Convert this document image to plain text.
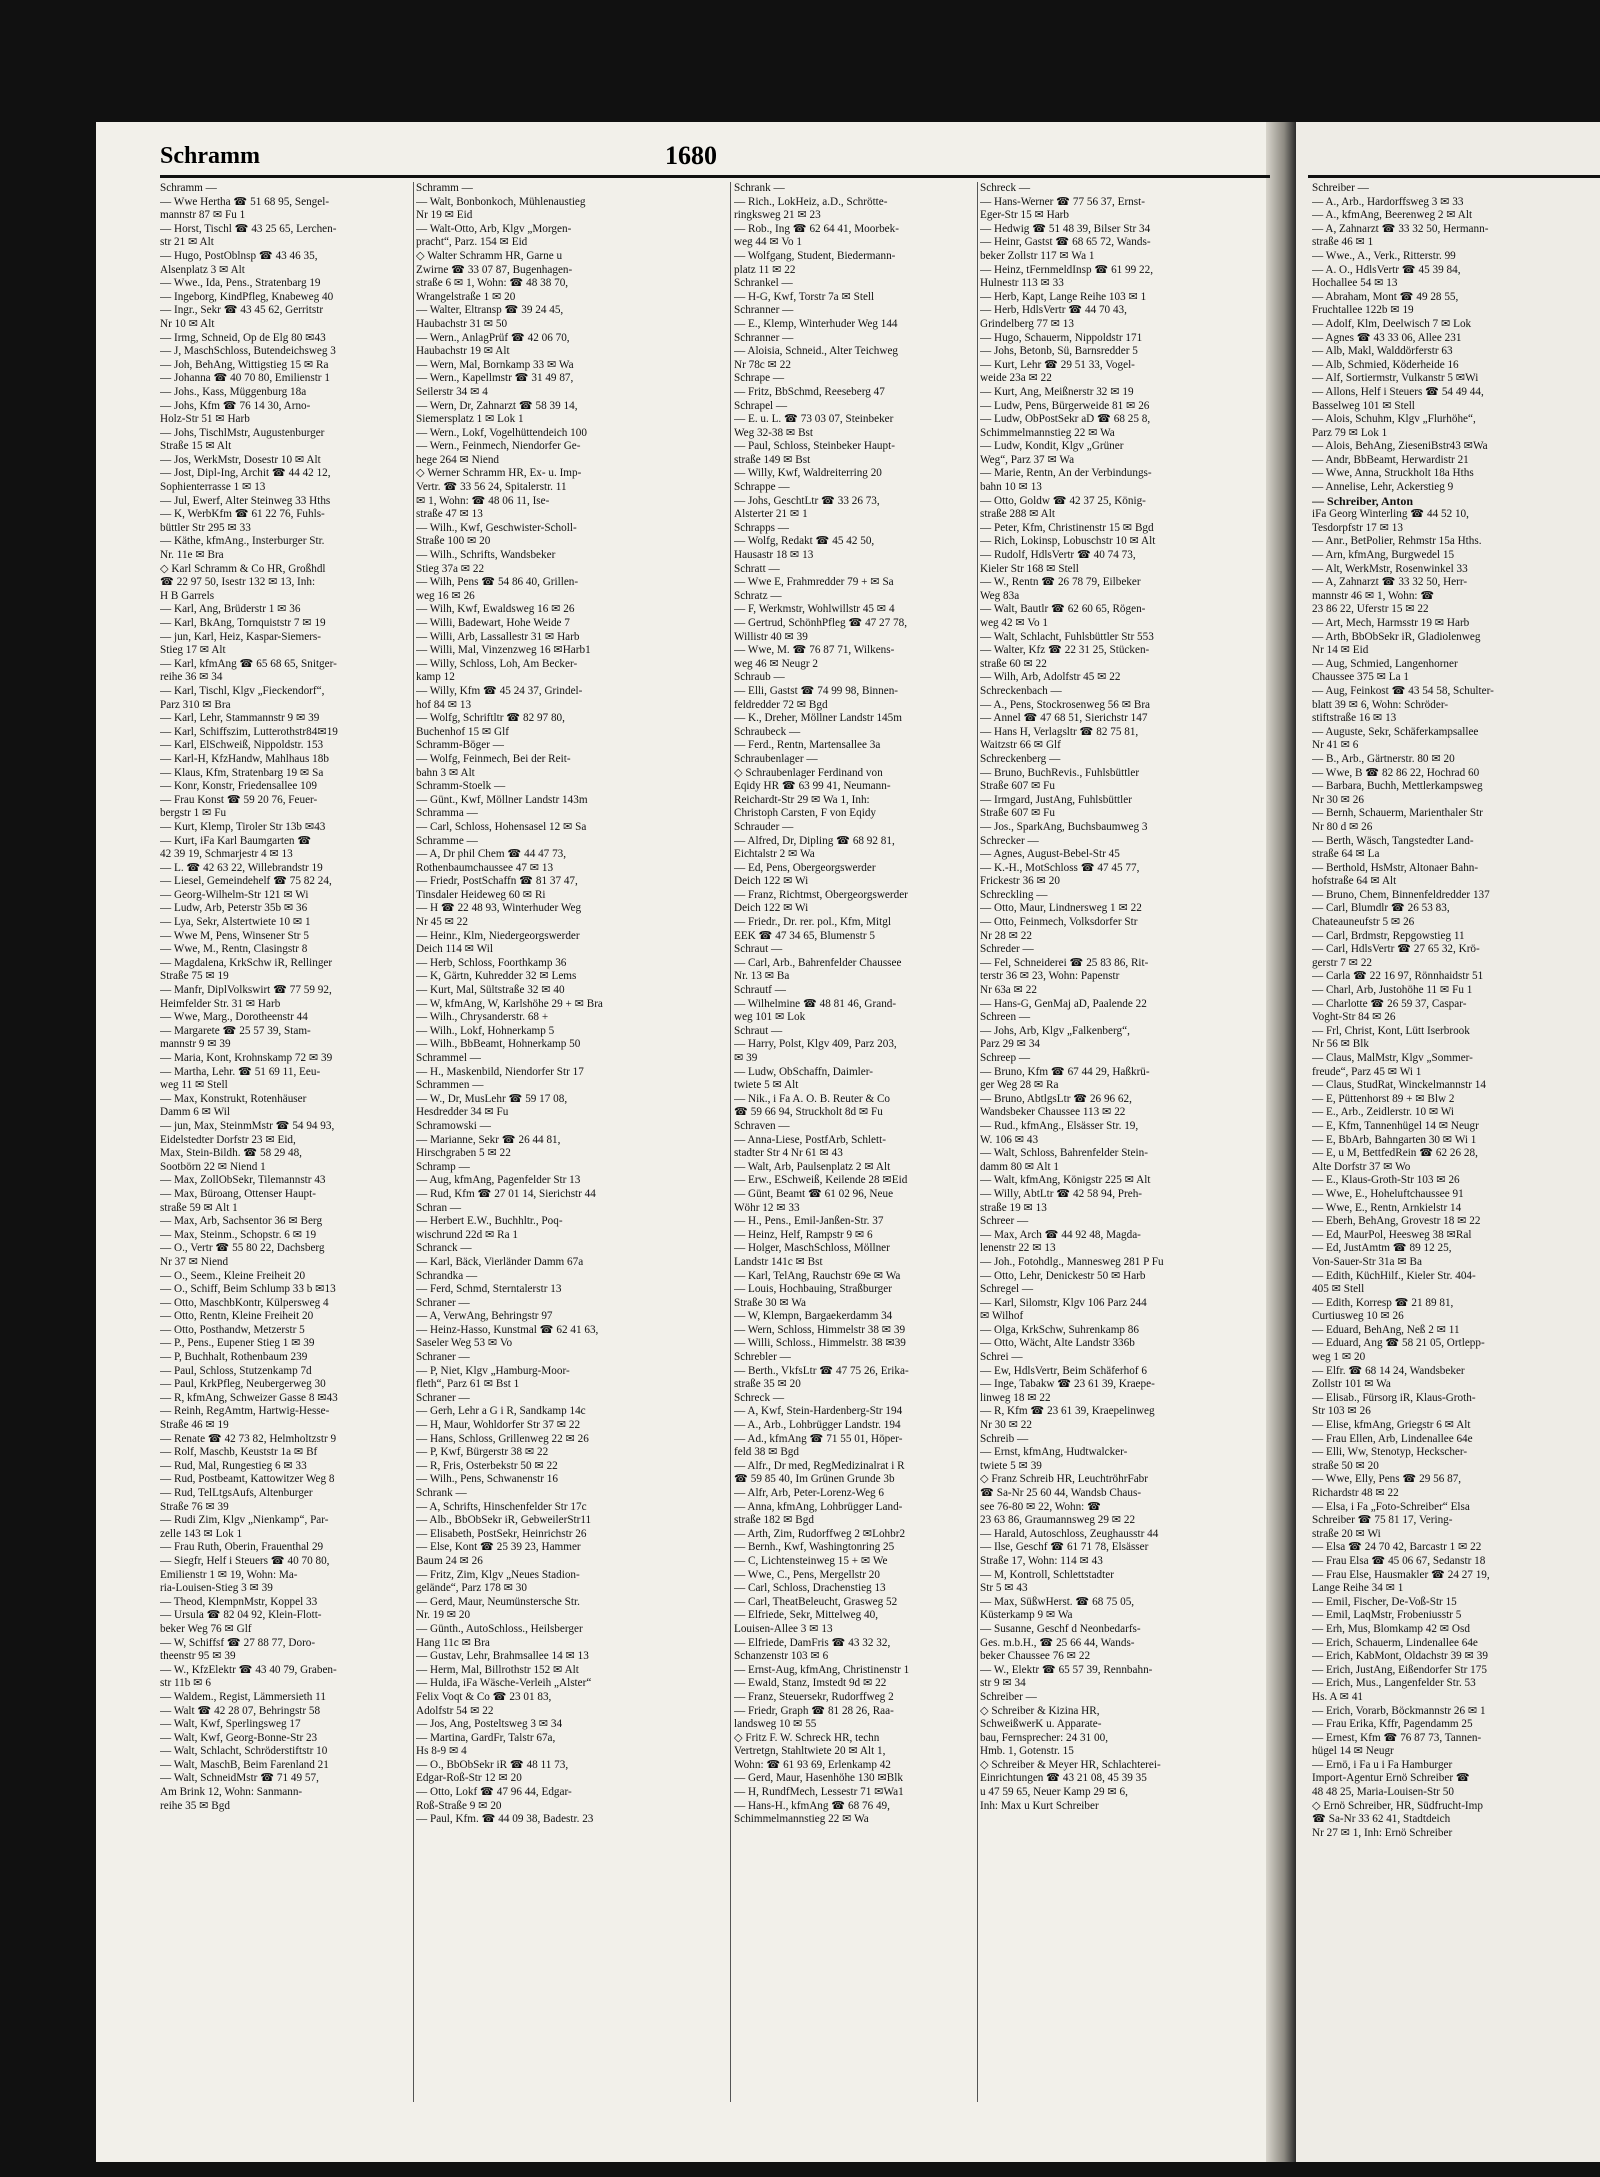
Schramm	1680
Schramm —
— Wwe Hertha ☎ 51 68 95, Sengel-
mannstr 87 ✉ Fu 1
— Horst, Tischl ☎ 43 25 65, Lerchen-
str 21 ✉ Alt
— Hugo, PostOblnsp ☎ 43 46 35,
Alsenplatz 3 ✉ Alt
— Wwe., Ida, Pens., Stratenbarg 19
— Ingeborg, KindPfleg, Knabeweg 40
— Ingr., Sekr ☎ 43 45 62, Gerritstr
Nr 10 ✉ Alt
— Irmg, Schneid, Op de Elg 80 ✉43
— J, MaschSchloss, Butendeichsweg 3
— Joh, BehAng, Wittigstieg 15 ✉ Ra
— Johanna ☎ 40 70 80, Emilienstr 1
— Johs., Kass, Müggenburg 18a
— Johs, Kfm ☎ 76 14 30, Arno-
Holz-Str 51 ✉ Harb
— Johs, TischlMstr, Augustenburger
Straße 15 ✉ Alt
— Jos, WerkMstr, Dosestr 10 ✉ Alt
— Jost, Dipl-Ing, Archit ☎ 44 42 12,
Sophienterrasse 1 ✉ 13
— Jul, Ewerf, Alter Steinweg 33 Hths
— K, WerbKfm ☎ 61 22 76, Fuhls-
büttler Str 295 ✉ 33
— Käthe, kfmAng., Insterburger Str.
Nr. 11e ✉ Bra
◇ Karl Schramm & Co HR, Großhdl
☎ 22 97 50, Isestr 132 ✉ 13, Inh:
H B Garrels
— Karl, Ang, Brüderstr 1 ✉ 36
— Karl, BkAng, Tornquiststr 7 ✉ 19
— jun, Karl, Heiz, Kaspar-Siemers-
Stieg 17 ✉ Alt
— Karl, kfmAng ☎ 65 68 65, Snitger-
reihe 36 ✉ 34
— Karl, Tischl, Klgv „Fieckendorf“,
Parz 310 ✉ Bra
— Karl, Lehr, Stammannstr 9 ✉ 39
— Karl, Schiffszim, Lutterothstr84✉19
— Karl, ElSchweiß, Nippoldstr. 153
— Karl-H, KfzHandw, Mahlhaus 18b
— Klaus, Kfm, Stratenbarg 19 ✉ Sa
— Konr, Konstr, Friedensallee 109
— Frau Konst ☎ 59 20 76, Feuer-
bergstr 1 ✉ Fu
— Kurt, Klemp, Tiroler Str 13b ✉43
— Kurt, iFa Karl Baumgarten ☎
42 39 19, Schmarjestr 4 ✉ 13
— L. ☎ 42 63 22, Willebrandstr 19
— Liesel, Gemeindehelf ☎ 75 82 24,
— Georg-Wilhelm-Str 121 ✉ Wi
— Ludw, Arb, Peterstr 35b ✉ 36
— Lya, Sekr, Alstertwiete 10 ✉ 1
— Wwe M, Pens, Winsener Str 5
— Wwe, M., Rentn, Clasingstr 8
— Magdalena, KrkSchw iR, Rellinger
Straße 75 ✉ 19
— Manfr, DiplVolkswirt ☎ 77 59 92,
Heimfelder Str. 31 ✉ Harb
— Wwe, Marg., Dorotheenstr 44
— Margarete ☎ 25 57 39, Stam-
mannstr 9 ✉ 39
— Maria, Kont, Krohnskamp 72 ✉ 39
— Martha, Lehr. ☎ 51 69 11, Eeu-
weg 11 ✉ Stell
— Max, Konstrukt, Rotenhäuser
Damm 6 ✉ Wil
— jun, Max, SteinmMstr ☎ 54 94 93,
Eidelstedter Dorfstr 23 ✉ Eid,
Max, Stein-Bildh. ☎ 58 29 48,
Sootbörn 22 ✉ Niend 1
— Max, ZollObSekr, Tilemannstr 43
— Max, Büroang, Ottenser Haupt-
straße 59 ✉ Alt 1
— Max, Arb, Sachsentor 36 ✉ Berg
— Max, Steinm., Schopstr. 6 ✉ 19
— O., Vertr ☎ 55 80 22, Dachsberg
Nr 37 ✉ Niend
— O., Seem., Kleine Freiheit 20
— O., Schiff, Beim Schlump 33 b ✉13
— Otto, MaschbKontr, Külpersweg 4
— Otto, Rentn, Kleine Freiheit 20
— Otto, Posthandw, Metzerstr 5
— P., Pens., Eupener Stieg 1 ✉ 39
— P, Buchhalt, Rothenbaum 239
— Paul, Schloss, Stutzenkamp 7d
— Paul, KrkPfleg, Neubergerweg 30
— R, kfmAng, Schweizer Gasse 8 ✉43
— Reinh, RegAmtm, Hartwig-Hesse-
Straße 46 ✉ 19
— Renate ☎ 42 73 82, Helmholtzstr 9
— Rolf, Maschb, Keuststr 1a ✉ Bf
— Rud, Mal, Rungestieg 6 ✉ 33
— Rud, Postbeamt, Kattowitzer Weg 8
— Rud, TelLtgsAufs, Altenburger
Straße 76 ✉ 39
— Rudi Zim, Klgv „Nienkamp“, Par-
zelle 143 ✉ Lok 1
— Frau Ruth, Oberin, Frauenthal 29
— Siegfr, Helf i Steuers ☎ 40 70 80,
Emilienstr 1 ✉ 19, Wohn: Ma-
ria-Louisen-Stieg 3 ✉ 39
— Theod, KlempnMstr, Koppel 33
— Ursula ☎ 82 04 92, Klein-Flott-
beker Weg 76 ✉ Glf
— W, Schiffsf ☎ 27 88 77, Doro-
theenstr 95 ✉ 39
— W., KfzElektr ☎ 43 40 79, Graben-
str 11b ✉ 6
— Waldem., Regist, Lämmersieth 11
— Walt ☎ 42 28 07, Behringstr 58
— Walt, Kwf, Sperlingsweg 17
— Walt, Kwf, Georg-Bonne-Str 23
— Walt, Schlacht, Schröderstiftstr 10
— Walt, MaschB, Beim Farenland 21
— Walt, SchneidMstr ☎ 71 49 57,
Am Brink 12, Wohn: Sanmann-
reihe 35 ✉ Bgd
Schramm —
— Walt, Bonbonkoch, Mühlenaustieg
Nr 19 ✉ Eid
— Walt-Otto, Arb, Klgv „Morgen-
pracht“, Parz. 154 ✉ Eid
◇ Walter Schramm HR, Garne u
Zwirne ☎ 33 07 87, Bugenhagen-
straße 6 ✉ 1, Wohn: ☎ 48 38 70,
Wrangelstraße 1 ✉ 20
— Walter, Eltransp ☎ 39 24 45,
Haubachstr 31 ✉ 50
— Wern., AnlagPrüf ☎ 42 06 70,
Haubachstr 19 ✉ Alt
— Wern, Mal, Bornkamp 33 ✉ Wa
— Wern., Kapellmstr ☎ 31 49 87,
Seilerstr 34 ✉ 4
— Wern, Dr, Zahnarzt ☎ 58 39 14,
Siemersplatz 1 ✉ Lok 1
— Wern., Lokf, Vogelhüttendeich 100
— Wern., Feinmech, Niendorfer Ge-
hege 264 ✉ Niend
◇ Werner Schramm HR, Ex- u. Imp-
Vertr. ☎ 33 56 24, Spitalerstr. 11
✉ 1, Wohn: ☎ 48 06 11, Ise-
straße 47 ✉ 13
— Wilh., Kwf, Geschwister-Scholl-
Straße 100 ✉ 20
— Wilh., Schrifts, Wandsbeker
Stieg 37a ✉ 22
— Wilh, Pens ☎ 54 86 40, Grillen-
weg 16 ✉ 26
— Wilh, Kwf, Ewaldsweg 16 ✉ 26
— Willi, Badewart, Hohe Weide 7
— Willi, Arb, Lassallestr 31 ✉ Harb
— Willi, Mal, Vinzenzweg 16 ✉Harb1
— Willy, Schloss, Loh, Am Becker-
kamp 12
— Willy, Kfm ☎ 45 24 37, Grindel-
hof 84 ✉ 13
— Wolfg, Schriftltr ☎ 82 97 80,
Buchenhof 15 ✉ Glf
Schramm-Böger —
— Wolfg, Feinmech, Bei der Reit-
bahn 3 ✉ Alt
Schramm-Stoelk —
— Günt., Kwf, Möllner Landstr 143m
Schramma —
— Carl, Schloss, Hohensasel 12 ✉ Sa
Schramme —
— A, Dr phil Chem ☎ 44 47 73,
Rothenbaumchaussee 47 ✉ 13
— Friedr, PostSchaffn ☎ 81 37 47,
Tinsdaler Heideweg 60 ✉ Ri
— H ☎ 22 48 93, Winterhuder Weg
Nr 45 ✉ 22
— Heinr., Klm, Niedergeorgswerder
Deich 114 ✉ Wil
— Herb, Schloss, Foorthkamp 36
— K, Gärtn, Kuhredder 32 ✉ Lems
— Kurt, Mal, Sültstraße 32 ✉ 40
— W, kfmAng, W, Karlshöhe 29 + ✉ Bra
— Wilh., Chrysanderstr. 68 +
— Wilh., Lokf, Hohnerkamp 5
— Wilh., BbBeamt, Hohnerkamp 50
Schrammel —
— H., Maskenbild, Niendorfer Str 17
Schrammen —
— W., Dr, MusLehr ☎ 59 17 08,
Hesdredder 34 ✉ Fu
Schramowski —
— Marianne, Sekr ☎ 26 44 81,
Hirschgraben 5 ✉ 22
Schramp —
— Aug, kfmAng, Pagenfelder Str 13
— Rud, Kfm ☎ 27 01 14, Sierichstr 44
Schran —
— Herbert E.W., Buchhltr., Poq-
wischrund 22d ✉ Ra 1
Schranck —
— Karl, Bäck, Vierländer Damm 67a
Schrandka —
— Ferd, Schmd, Sterntalerstr 13
Schraner —
— A, VerwAng, Behringstr 97
— Heinz-Hasso, Kunstmal ☎ 62 41 63,
Saseler Weg 53 ✉ Vo
Schraner —
— P, Niet, Klgv „Hamburg-Moor-
fleth“, Parz 61 ✉ Bst 1
Schraner —
— Gerh, Lehr a G i R, Sandkamp 14c
— H, Maur, Wohldorfer Str 37 ✉ 22
— Hans, Schloss, Grillenweg 22 ✉ 26
— P, Kwf, Bürgerstr 38 ✉ 22
— R, Fris, Osterbekstr 50 ✉ 22
— Wilh., Pens, Schwanenstr 16
Schrank —
— A, Schrifts, Hinschenfelder Str 17c
— Alb., BbObSekr iR, GebweilerStr11
— Elisabeth, PostSekr, Heinrichstr 26
— Else, Kont ☎ 25 39 23, Hammer
Baum 24 ✉ 26
— Fritz, Zim, Klgv „Neues Stadion-
gelände“, Parz 178 ✉ 30
— Gerd, Maur, Neumünstersche Str.
Nr. 19 ✉ 20
— Günth., AutoSchloss., Heilsberger
Hang 11c ✉ Bra
— Gustav, Lehr, Brahmsallee 14 ✉ 13
— Herm, Mal, Billrothstr 152 ✉ Alt
— Hulda, iFa Wäsche-Verleih „Alster“
Felix Voqt & Co ☎ 23 01 83,
Adolfstr 54 ✉ 22
— Jos, Ang, Posteltsweg 3 ✉ 34
— Martina, GardFr, Talstr 67a,
Hs 8-9 ✉ 4
— O., BbObSekr iR ☎ 48 11 73,
Edgar-Roß-Str 12 ✉ 20
— Otto, Lokf ☎ 47 96 44, Edgar-
Roß-Straße 9 ✉ 20
— Paul, Kfm. ☎ 44 09 38, Badestr. 23
Schrank —
— Rich., LokHeiz, a.D., Schrötte-
ringksweg 21 ✉ 23
— Rob., Ing ☎ 62 64 41, Moorbek-
weg 44 ✉ Vo 1
— Wolfgang, Student, Biedermann-
platz 11 ✉ 22
Schrankel —
— H-G, Kwf, Torstr 7a ✉ Stell
Schranner —
— E., Klemp, Winterhuder Weg 144
Schranner —
— Aloisia, Schneid., Alter Teichweg
Nr 78c ✉ 22
Schrape —
— Fritz, BbSchmd, Reeseberg 47
Schrapel —
— E. u. L. ☎ 73 03 07, Steinbeker
Weg 32-38 ✉ Bst
— Paul, Schloss, Steinbeker Haupt-
straße 149 ✉ Bst
— Willy, Kwf, Waldreiterring 20
Schrappe —
— Johs, GeschtLtr ☎ 33 26 73,
Alsterter 21 ✉ 1
Schrapps —
— Wolfg, Redakt ☎ 45 42 50,
Hausastr 18 ✉ 13
Schratt —
— Wwe E, Frahmredder 79 + ✉ Sa
Schratz —
— F, Werkmstr, Wohlwillstr 45 ✉ 4
— Gertrud, SchönhPfleg ☎ 47 27 78,
Willistr 40 ✉ 39
— Wwe, M. ☎ 76 87 71, Wilkens-
weg 46 ✉ Neugr 2
Schraub —
— Elli, Gastst ☎ 74 99 98, Binnen-
feldredder 72 ✉ Bgd
— K., Dreher, Möllner Landstr 145m
Schraubeck —
— Ferd., Rentn, Martensallee 3a
Schraubenlager —
◇ Schraubenlager Ferdinand von
Eqidy HR ☎ 63 99 41, Neumann-
Reichardt-Str 29 ✉ Wa 1, Inh:
Christoph Carsten, F von Eqidy
Schrauder —
— Alfred, Dr, Dipling ☎ 68 92 81,
Eichtalstr 2 ✉ Wa
— Ed, Pens, Obergeorgswerder
Deich 122 ✉ Wi
— Franz, Richtmst, Obergeorgswerder
Deich 122 ✉ Wi
— Friedr., Dr. rer. pol., Kfm, Mitgl
EEK ☎ 47 34 65, Blumenstr 5
Schraut —
— Carl, Arb., Bahrenfelder Chaussee
Nr. 13 ✉ Ba
Schrautf —
— Wilhelmine ☎ 48 81 46, Grand-
weg 101 ✉ Lok
Schraut —
— Harry, Polst, Klgv 409, Parz 203,
✉ 39
— Ludw, ObSchaffn, Daimler-
twiete 5 ✉ Alt
— Nik., i Fa A. O. B. Reuter & Co
☎ 59 66 94, Struckholt 8d ✉ Fu
Schraven —
— Anna-Liese, PostfArb, Schlett-
stadter Str 4 Nr 61 ✉ 43
— Walt, Arb, Paulsenplatz 2 ✉ Alt
— Erw., ESchweiß, Keilende 28 ✉Eid
— Günt, Beamt ☎ 61 02 96, Neue
Wöhr 12 ✉ 33
— H., Pens., Emil-Janßen-Str. 37
— Heinz, Helf, Rampstr 9 ✉ 6
— Holger, MaschSchloss, Möllner
Landstr 141c ✉ Bst
— Karl, TelAng, Rauchstr 69e ✉ Wa
— Louis, Hochbauing, Straßburger
Straße 30 ✉ Wa
— W, Klempn, Bargaekerdamm 34
— Wern, Schloss, Himmelstr 38 ✉ 39
— Willi, Schloss., Himmelstr. 38 ✉39
Schrebler —
— Berth., VkfsLtr ☎ 47 75 26, Erika-
straße 35 ✉ 20
Schreck —
— A, Kwf, Stein-Hardenberg-Str 194
— A., Arb., Lohbrügger Landstr. 194
— Ad., kfmAng ☎ 71 55 01, Höper-
feld 38 ✉ Bgd
— Alfr., Dr med, RegMedizinalrat i R
☎ 59 85 40, Im Grünen Grunde 3b
— Alfr, Arb, Peter-Lorenz-Weg 6
— Anna, kfmAng, Lohbrügger Land-
straße 182 ✉ Bgd
— Arth, Zim, Rudorffweg 2 ✉Lohbr2
— Bernh., Kwf, Washingtonring 25
— C, Lichtensteinweg 15 + ✉ We
— Wwe, C., Pens, Mergellstr 20
— Carl, Schloss, Drachenstieg 13
— Carl, TheatBeleucht, Grasweg 52
— Elfriede, Sekr, Mittelweg 40,
Louisen-Allee 3 ✉ 13
— Elfriede, DamFris ☎ 43 32 32,
Schanzenstr 103 ✉ 6
— Ernst-Aug, kfmAng, Christinenstr 1
— Ewald, Stanz, Imstedt 9d ✉ 22
— Franz, Steuersekr, Rudorffweg 2
— Friedr, Graph ☎ 81 28 26, Raa-
landsweg 10 ✉ 55
◇ Fritz F. W. Schreck HR, techn
Vertretgn, Stahltwiete 20 ✉ Alt 1,
Wohn: ☎ 61 93 69, Erlenkamp 42
— Gerd, Maur, Hasenhöhe 130 ✉Blk
— H, RundfMech, Lessestr 71 ✉Wa1
— Hans-H., kfmAng ☎ 68 76 49,
Schimmelmannstieg 22 ✉ Wa
Schreck —
— Hans-Werner ☎ 77 56 37, Ernst-
Eger-Str 15 ✉ Harb
— Hedwig ☎ 51 48 39, Bilser Str 34
— Heinr, Gastst ☎ 68 65 72, Wands-
beker Zollstr 117 ✉ Wa 1
— Heinz, tFernmeldInsp ☎ 61 99 22,
Hulnestr 113 ✉ 33
— Herb, Kapt, Lange Reihe 103 ✉ 1
— Herb, HdlsVertr ☎ 44 70 43,
Grindelberg 77 ✉ 13
— Hugo, Schauerm, Nippoldstr 171
— Johs, Betonb, Sü, Barnsredder 5
— Kurt, Lehr ☎ 29 51 33, Vogel-
weide 23a ✉ 22
— Kurt, Ang, Meißnerstr 32 ✉ 19
— Ludw, Pens, Bürgerweide 81 ✉ 26
— Ludw, ObPostSekr aD ☎ 68 25 8,
Schimmelmannstieg 22 ✉ Wa
— Ludw, Kondit, Klgv „Grüner
Weg“, Parz 37 ✉ Wa
— Marie, Rentn, An der Verbindungs-
bahn 10 ✉ 13
— Otto, Goldw ☎ 42 37 25, König-
straße 288 ✉ Alt
— Peter, Kfm, Christinenstr 15 ✉ Bgd
— Rich, Lokinsp, Lobuschstr 10 ✉ Alt
— Rudolf, HdlsVertr ☎ 40 74 73,
Kieler Str 168 ✉ Stell
— W., Rentn ☎ 26 78 79, Eilbeker
Weg 83a
— Walt, Bautlr ☎ 62 60 65, Rögen-
weg 42 ✉ Vo 1
— Walt, Schlacht, Fuhlsbüttler Str 553
— Walter, Kfz ☎ 22 31 25, Stücken-
straße 60 ✉ 22
— Wilh, Arb, Adolfstr 45 ✉ 22
Schreckenbach —
— A., Pens, Stockrosenweg 56 ✉ Bra
— Annel ☎ 47 68 51, Sierichstr 147
— Hans H, Verlagsltr ☎ 82 75 81,
Waitzstr 66 ✉ Glf
Schreckenberg —
— Bruno, BuchRevis., Fuhlsbüttler
Straße 607 ✉ Fu
— Irmgard, JustAng, Fuhlsbüttler
Straße 607 ✉ Fu
— Jos., SparkAng, Buchsbaumweg 3
Schrecker —
— Agnes, August-Bebel-Str 45
— K.-H., MotSchloss ☎ 47 45 77,
Frickestr 36 ✉ 20
Schreckling —
— Otto, Maur, Lindnersweg 1 ✉ 22
— Otto, Feinmech, Volksdorfer Str
Nr 28 ✉ 22
Schreder —
— Fel, Schneiderei ☎ 25 83 86, Rit-
terstr 36 ✉ 23, Wohn: Papenstr
Nr 63a ✉ 22
— Hans-G, GenMaj aD, Paalende 22
Schreen —
— Johs, Arb, Klgv „Falkenberg“,
Parz 29 ✉ 34
Schreep —
— Bruno, Kfm ☎ 67 44 29, Haßkrü-
ger Weg 28 ✉ Ra
— Bruno, AbtlgsLtr ☎ 26 96 62,
Wandsbeker Chaussee 113 ✉ 22
— Rud., kfmAng., Elsässer Str. 19,
W. 106 ✉ 43
— Walt, Schloss, Bahrenfelder Stein-
damm 80 ✉ Alt 1
— Walt, kfmAng, Königstr 225 ✉ Alt
— Willy, AbtLtr ☎ 42 58 94, Preh-
straße 19 ✉ 13
Schreer —
— Max, Arch ☎ 44 92 48, Magda-
lenenstr 22 ✉ 13
— Joh., Fotohdlg., Mannesweg 281 P Fu
— Otto, Lehr, Denickestr 50 ✉ Harb
Schregel —
— Karl, Silomstr, Klgv 106 Parz 244
✉ Wilhof
— Olga, KrkSchw, Suhrenkamp 86
— Otto, Wächt, Alte Landstr 336b
Schrei —
— Ew, HdlsVertr, Beim Schäferhof 6
— Inge, Tabakw ☎ 23 61 39, Kraepe-
linweg 18 ✉ 22
— R, Kfm ☎ 23 61 39, Kraepelinweg
Nr 30 ✉ 22
Schreib —
— Ernst, kfmAng, Hudtwalcker-
twiete 5 ✉ 39
◇ Franz Schreib HR, LeuchtröhrFabr
☎ Sa-Nr 25 60 44, Wandsb Chaus-
see 76-80 ✉ 22, Wohn: ☎
23 63 86, Graumannsweg 29 ✉ 22
— Harald, Autoschloss, Zeughausstr 44
— Ilse, Geschf ☎ 61 71 78, Elsässer
Straße 17, Wohn: 114 ✉ 43
— M, Kontroll, Schlettstadter
Str 5 ✉ 43
— Max, SüßwHerst. ☎ 68 75 05,
Küsterkamp 9 ✉ Wa
— Susanne, Geschf d Neonbedarfs-
Ges. m.b.H., ☎ 25 66 44, Wands-
beker Chaussee 76 ✉ 22
— W., Elektr ☎ 65 57 39, Rennbahn-
str 9 ✉ 34
Schreiber —
◇ Schreiber & Kizina HR,
SchweißwerK u. Apparate-
bau, Fernsprecher: 24 31 00,
Hmb. 1, Gotenstr. 15
◇ Schreiber & Meyer HR, Schlachterei-
Einrichtungen ☎ 43 21 08, 45 39 35
u 47 59 65, Neuer Kamp 29 ✉ 6,
Inh: Max u Kurt Schreiber
Schreiber —
— A., Arb., Hardorffsweg 3 ✉ 33
— A., kfmAng, Beerenweg 2 ✉ Alt
— A, Zahnarzt ☎ 33 32 50, Hermann-
straße 46 ✉ 1
— Wwe., A., Verk., Ritterstr. 99
— A. O., HdlsVertr ☎ 45 39 84,
Hochallee 54 ✉ 13
— Abraham, Mont ☎ 49 28 55,
Fruchtallee 122b ✉ 19
— Adolf, Klm, Deelwisch 7 ✉ Lok
— Agnes ☎ 43 33 06, Allee 231
— Alb, Makl, Walddörferstr 63
— Alb, Schmied, Köderheide 16
— Alf, Sortiermstr, Vulkanstr 5 ✉Wi
— Allons, Helf i Steuers ☎ 54 49 44,
Basselweg 101 ✉ Stell
— Alois, Schuhm, Klgv „Flurhöhe“,
Parz 79 ✉ Lok 1
— Alois, BehAng, ZieseniBstr43 ✉Wa
— Andr, BbBeamt, Herwardistr 21
— Wwe, Anna, Struckholt 18a Hths
— Annelise, Lehr, Ackerstieg 9
— Schreiber, Anton
iFa Georg Winterling ☎ 44 52 10,
Tesdorpfstr 17 ✉ 13
— Anr., BetPolier, Rehmstr 15a Hths.
— Arn, kfmAng, Burgwedel 15
— Alt, WerkMstr, Rosenwinkel 33
— A, Zahnarzt ☎ 33 32 50, Herr-
mannstr 46 ✉ 1, Wohn: ☎
23 86 22, Uferstr 15 ✉ 22
— Art, Mech, Harmsstr 19 ✉ Harb
— Arth, BbObSekr iR, Gladiolenweg
Nr 14 ✉ Eid
— Aug, Schmied, Langenhorner
Chaussee 375 ✉ La 1
— Aug, Feinkost ☎ 43 54 58, Schulter-
blatt 39 ✉ 6, Wohn: Schröder-
stiftstraße 16 ✉ 13
— Auguste, Sekr, Schäferkampsallee
Nr 41 ✉ 6
— B., Arb., Gärtnerstr. 80 ✉ 20
— Wwe, B ☎ 82 86 22, Hochrad 60
— Barbara, Buchh, Mettlerkampsweg
Nr 30 ✉ 26
— Bernh, Schauerm, Marienthaler Str
Nr 80 d ✉ 26
— Berth, Wäsch, Tangstedter Land-
straße 64 ✉ La
— Berthold, HsMstr, Altonaer Bahn-
hofstraße 64 ✉ Alt
— Bruno, Chem, Binnenfeldredder 137
— Carl, Blumdlr ☎ 26 53 83,
Chateauneufstr 5 ✉ 26
— Carl, Brdmstr, Repgowstieg 11
— Carl, HdlsVertr ☎ 27 65 32, Krö-
gerstr 7 ✉ 22
— Carla ☎ 22 16 97, Rönnhaidstr 51
— Charl, Arb, Justohöhe 11 ✉ Fu 1
— Charlotte ☎ 26 59 37, Caspar-
Voght-Str 84 ✉ 26
— Frl, Christ, Kont, Lütt Iserbrook
Nr 56 ✉ Blk
— Claus, MalMstr, Klgv „Sommer-
freude“, Parz 45 ✉ Wi 1
— Claus, StudRat, Winckelmannstr 14
— E, Püttenhorst 89 + ✉ Blw 2
— E., Arb., Zeidlerstr. 10 ✉ Wi
— E, Kfm, Tannenhügel 14 ✉ Neugr
— E, BbArb, Bahngarten 30 ✉ Wi 1
— E, u M, BettfedRein ☎ 62 26 28,
Alte Dorfstr 37 ✉ Wo
— E., Klaus-Groth-Str 103 ✉ 26
— Wwe, E., Hoheluftchaussee 91
— Wwe, E., Rentn, Arnkielstr 14
— Eberh, BehAng, Grovestr 18 ✉ 22
— Ed, MaurPol, Heesweg 38 ✉Ral
— Ed, JustAmtm ☎ 89 12 25,
Von-Sauer-Str 31a ✉ Ba
— Edith, KüchHilf., Kieler Str. 404-
405 ✉ Stell
— Edith, Korresp ☎ 21 89 81,
Curtiusweg 10 ✉ 26
— Eduard, BehAng, Neß 2 ✉ 11
— Eduard, Ang ☎ 58 21 05, Ortlepp-
weg 1 ✉ 20
— Elfr. ☎ 68 14 24, Wandsbeker
Zollstr 101 ✉ Wa
— Elisab., Fürsorg iR, Klaus-Groth-
Str 103 ✉ 26
— Elise, kfmAng, Griegstr 6 ✉ Alt
— Frau Ellen, Arb, Lindenallee 64e
— Elli, Ww, Stenotyp, Heckscher-
straße 50 ✉ 20
— Wwe, Elly, Pens ☎ 29 56 87,
Richardstr 48 ✉ 22
— Elsa, i Fa „Foto-Schreiber“ Elsa
Schreiber ☎ 75 81 17, Vering-
straße 20 ✉ Wi
— Elsa ☎ 24 70 42, Barcastr 1 ✉ 22
— Frau Elsa ☎ 45 06 67, Sedanstr 18
— Frau Else, Hausmakler ☎ 24 27 19,
Lange Reihe 34 ✉ 1
— Emil, Fischer, De-Voß-Str 15
— Emil, LaqMstr, Frobeniusstr 5
— Erh, Mus, Blomkamp 42 ✉ Osd
— Erich, Schauerm, Lindenallee 64e
— Erich, KabMont, Oldachstr 39 ✉ 39
— Erich, JustAng, Eißendorfer Str 175
— Erich, Mus., Langenfelder Str. 53
Hs. A ✉ 41
— Erich, Vorarb, Böckmannstr 26 ✉ 1
— Frau Erika, Kffr, Pagendamm 25
— Ernest, Kfm ☎ 76 87 73, Tannen-
hügel 14 ✉ Neugr
— Ernö, i Fa u i Fa Hamburger
Import-Agentur Ernö Schreiber ☎
48 48 25, Maria-Louisen-Str 50
◇ Ernö Schreiber, HR, Südfrucht-Imp
☎ Sa-Nr 33 62 41, Stadtdeich
Nr 27 ✉ 1, Inh: Ernö Schreiber
